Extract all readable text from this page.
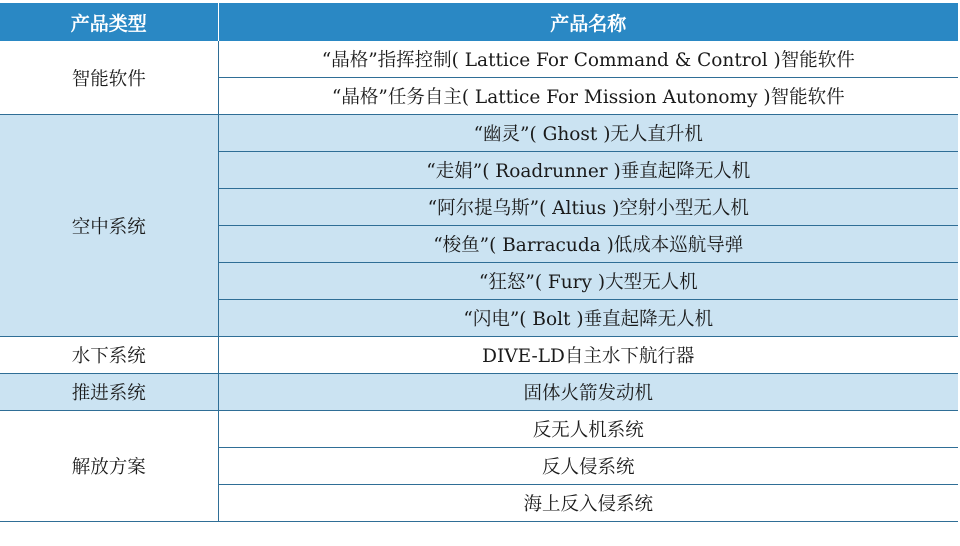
产品类型	产品名称
智能软件	“晶格”指挥控制( Lattice For Command & Control )智能软件
	“晶格”任务自主( Lattice For Mission Autonomy )智能软件
空中系统	“幽灵”( Ghost )无人直升机
	“走娟”( Roadrunner )垂直起降无人机
	“阿尔提乌斯”( Altius )空射小型无人机
	“梭鱼”( Barracuda )低成本巡航导弹
	“狂怒”( Fury )大型无人机
	“闪电”( Bolt )垂直起降无人机
水下系统	DIVE-LD自主水下航行器
推进系统	固体火箭发动机
解放方案	反无人机系统
	反人侵系统
	海上反入侵系统
